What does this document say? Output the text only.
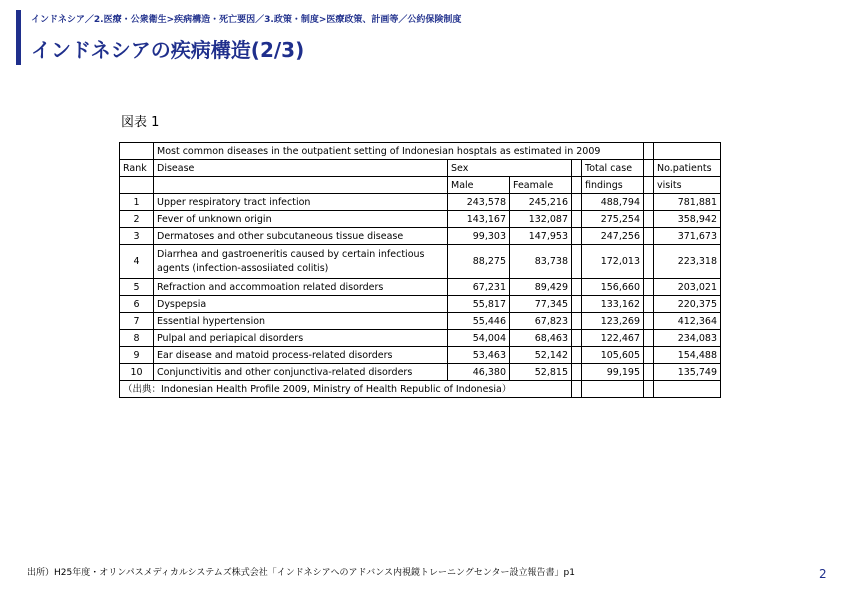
インドネシア／2.医療・公衆衛生>疾病構造・死亡要因／3.政策・制度>医療政策、計画等／公約保険制度
インドネシアの疾病構造(2/3)
図表 1
	Most common diseases in the outpatient setting of Indonesian hosptals as estimated in 2009						
Rank	Disease	Sex			Total case		No.patients
		Male	Feamale		findings		visits
1	Upper respiratory tract infection	243,578	245,216		488,794		781,881
2	Fever of unknown origin	143,167	132,087		275,254		358,942
3	Dermatoses and other subcutaneous tissue disease	99,303	147,953		247,256		371,673
4	Diarrhea and gastroeneritis caused by certain infectious agents (infection-assosiiated colitis)	88,275	83,738		172,013		223,318
5	Refraction and accommoation related disorders	67,231	89,429		156,660		203,021
6	Dyspepsia	55,817	77,345		133,162		220,375
7	Essential hypertension	55,446	67,823		123,269		412,364
8	Pulpal and periapical disorders	54,004	68,463		122,467		234,083
9	Ear disease and matoid process-related disorders	53,463	52,142		105,605		154,488
10	Conjunctivitis and other conjunctiva-related disorders	46,380	52,815		99,195		135,749
（出典：Indonesian Health Profile 2009, Ministry of Health Republic of Indonesia）							
出所）H25年度・オリンパスメディカルシステムズ株式会社「インドネシアへのアドバンス内視鏡トレーニングセンター設立報告書」p1	2
